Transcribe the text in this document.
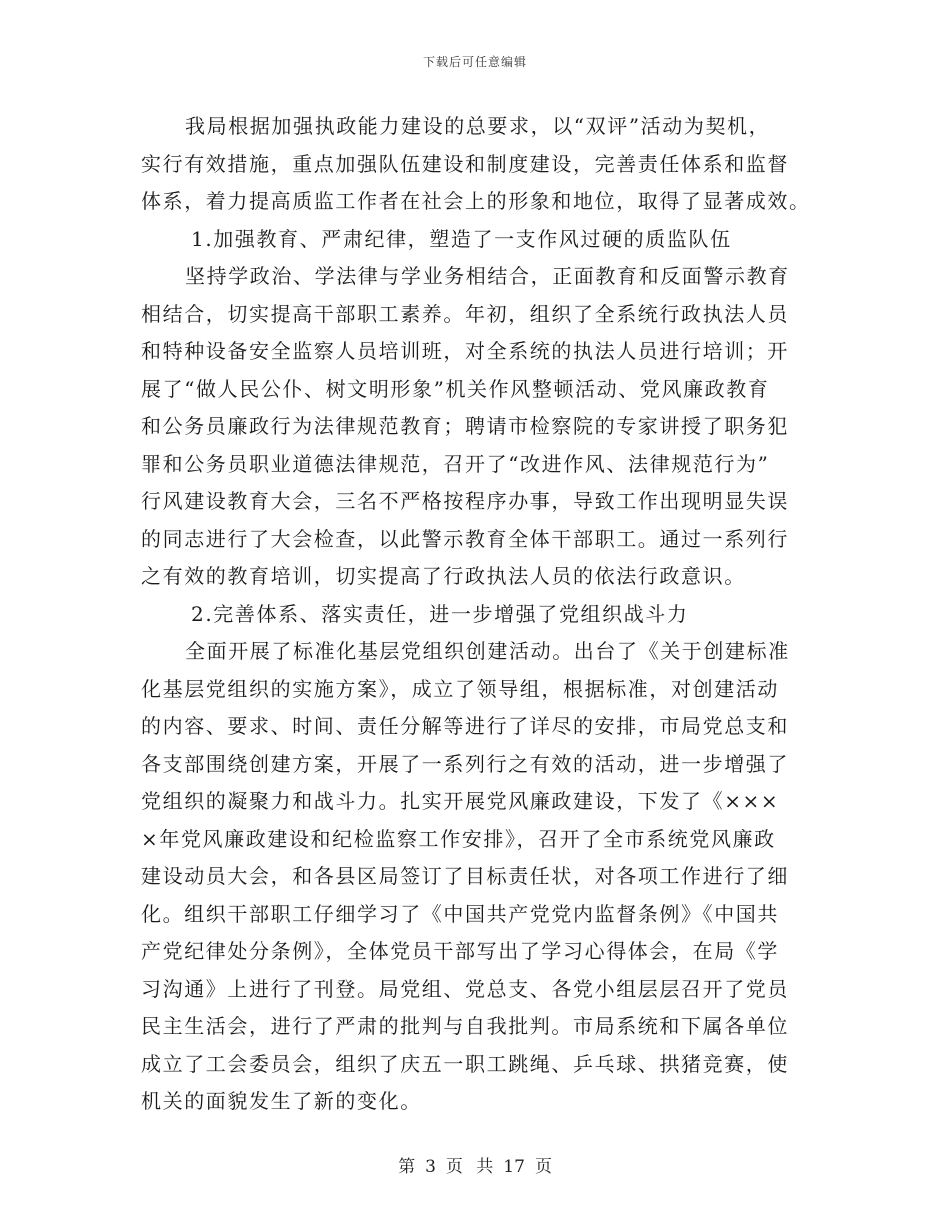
下载后可任意编辑
我局根据加强执政能力建设的总要求，以“双评”活动为契机，
实行有效措施，重点加强队伍建设和制度建设，完善责任体系和监督
体系，着力提高质监工作者在社会上的形象和地位，取得了显著成效。
1.加强教育、严肃纪律，塑造了一支作风过硬的质监队伍
坚持学政治、学法律与学业务相结合，正面教育和反面警示教育
相结合，切实提高干部职工素养。年初，组织了全系统行政执法人员
和特种设备安全监察人员培训班，对全系统的执法人员进行培训；开
展了“做人民公仆、树文明形象”机关作风整顿活动、党风廉政教育
和公务员廉政行为法律规范教育；聘请市检察院的专家讲授了职务犯
罪和公务员职业道德法律规范，召开了“改进作风、法律规范行为”
行风建设教育大会，三名不严格按程序办事，导致工作出现明显失误
的同志进行了大会检查，以此警示教育全体干部职工。通过一系列行
之有效的教育培训，切实提高了行政执法人员的依法行政意识。
2.完善体系、落实责任，进一步增强了党组织战斗力
全面开展了标准化基层党组织创建活动。出台了《关于创建标准
化基层党组织的实施方案》，成立了领导组，根据标准，对创建活动
的内容、要求、时间、责任分解等进行了详尽的安排，市局党总支和
各支部围绕创建方案，开展了一系列行之有效的活动，进一步增强了
党组织的凝聚力和战斗力。扎实开展党风廉政建设，下发了《×××
×年党风廉政建设和纪检监察工作安排》，召开了全市系统党风廉政
建设动员大会，和各县区局签订了目标责任状，对各项工作进行了细
化。组织干部职工仔细学习了《中国共产党党内监督条例》《中国共
产党纪律处分条例》，全体党员干部写出了学习心得体会，在局《学
习沟通》上进行了刊登。局党组、党总支、各党小组层层召开了党员
民主生活会，进行了严肃的批判与自我批判。市局系统和下属各单位
成立了工会委员会，组织了庆五一职工跳绳、乒乓球、拱猪竞赛，使
机关的面貌发生了新的变化。
第 3 页 共 17 页
